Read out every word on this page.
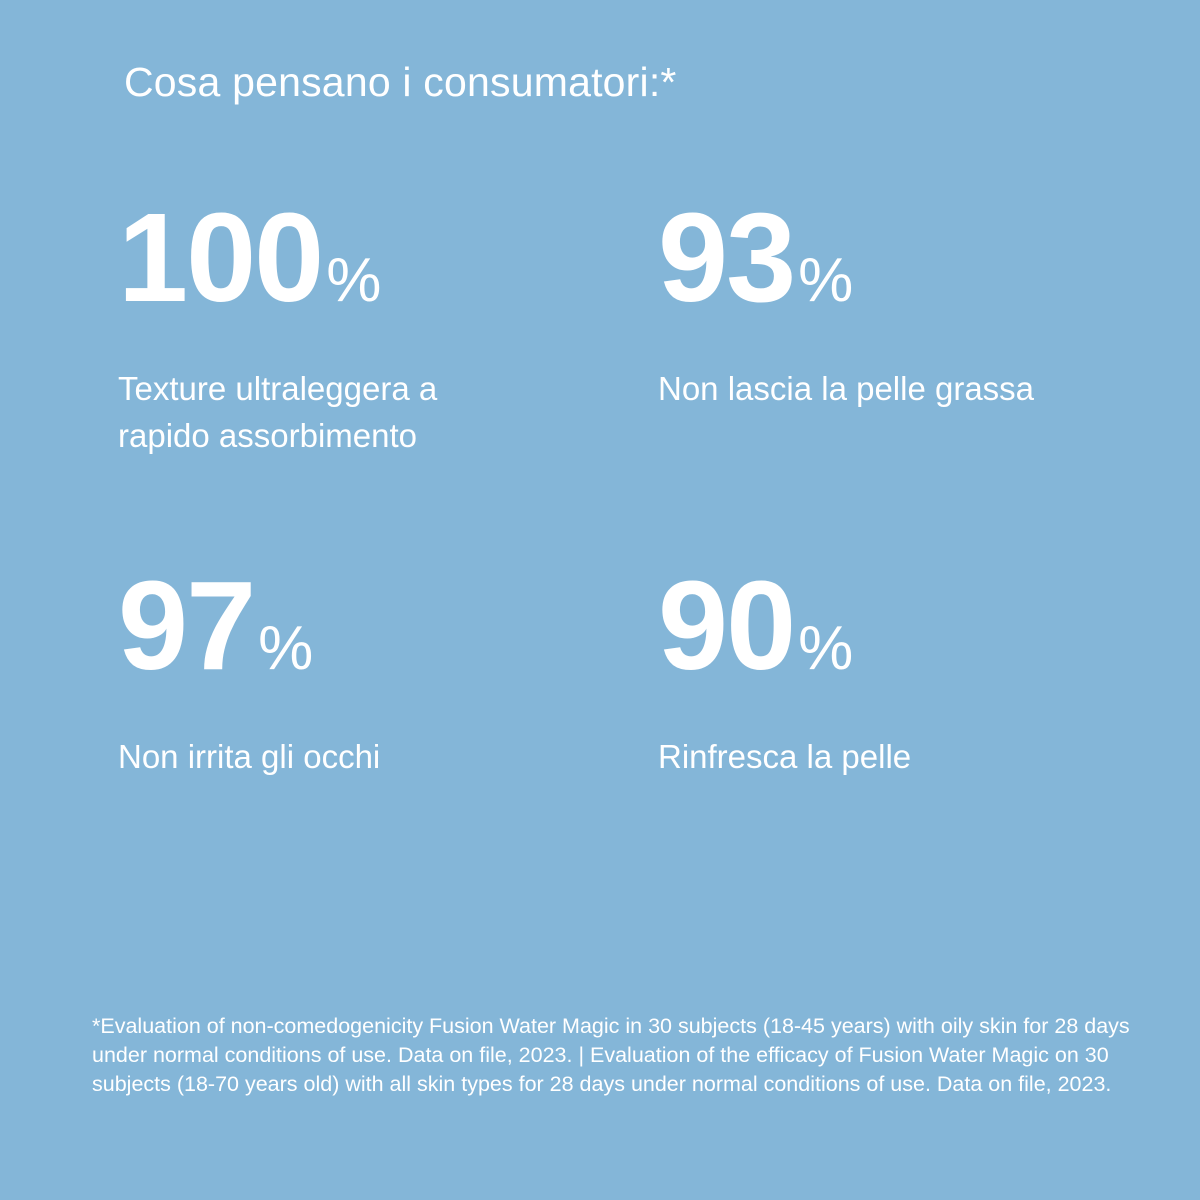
Cosa pensano i consumatori:*
100 %
Texture ultraleggera a rapido assorbimento
93 %
Non lascia la pelle grassa
97 %
Non irrita gli occhi
90 %
Rinfresca la pelle
*Evaluation of non-comedogenicity Fusion Water Magic in 30 subjects (18-45 years) with oily skin for 28 days under normal conditions of use. Data on file, 2023. | Evaluation of the efficacy of Fusion Water Magic on 30 subjects (18-70 years old) with all skin types for 28 days under normal conditions of use. Data on file, 2023.
